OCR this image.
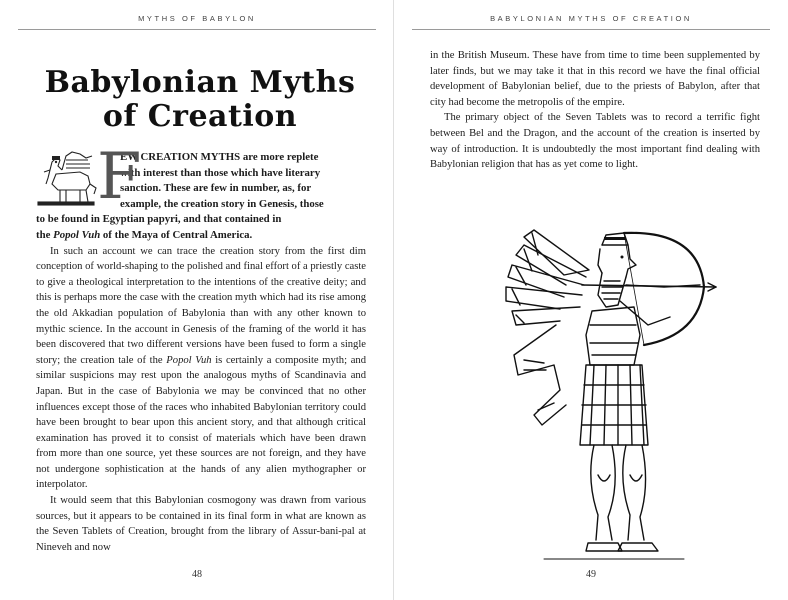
MYTHS OF BABYLON
Babylonian Myths
of Creation
F

EW CREATION MYTHS are more replete
with interest than those which have literary
sanction. These are few in number, as, for
example, the creation story in Genesis, those
to be found in Egyptian papyri, and that contained in
the Popol Vuh of the Maya of Central America.

In such an account we can trace the creation story from the first dim conception of world-shaping to the polished and final effort of a priestly caste to give a theological interpretation to the intentions of the creative deity; and this is perhaps more the case with the creation myth which had its rise among the old Akkadian population of Babylonia than with any other known to mythic science. In the account in Genesis of the framing of the world it has been discovered that two different versions have been fused to form a single story; the creation tale of the Popol Vuh is certainly a composite myth; and similar suspicions may rest upon the analogous myths of Scandinavia and Japan. But in the case of Babylonia we may be convinced that no other influences except those of the races who inhabited Babylonian territory could have been brought to bear upon this ancient story, and that although critical examination has proved it to consist of materials which have been drawn from more than one source, yet these sources are not foreign, and they have not undergone sophistication at the hands of any alien mythographer or interpolator.

It would seem that this Babylonian cosmogony was drawn from various sources, but it appears to be contained in its final form in what are known as the Seven Tablets of Creation, brought from the library of Assur-bani-pal at Nineveh and now

48
BABYLONIAN MYTHS OF CREATION

in the British Museum. These have from time to time been supplemented by later finds, but we may take it that in this record we have the final official development of Babylonian belief, due to the priests of Babylon, after that city had become the metropolis of the empire.

The primary object of the Seven Tablets was to record a terrific fight between Bel and the Dragon, and the account of the creation is inserted by way of introduction. It is undoubtedly the most important find dealing with Babylonian religion that has as yet come to light.

49
